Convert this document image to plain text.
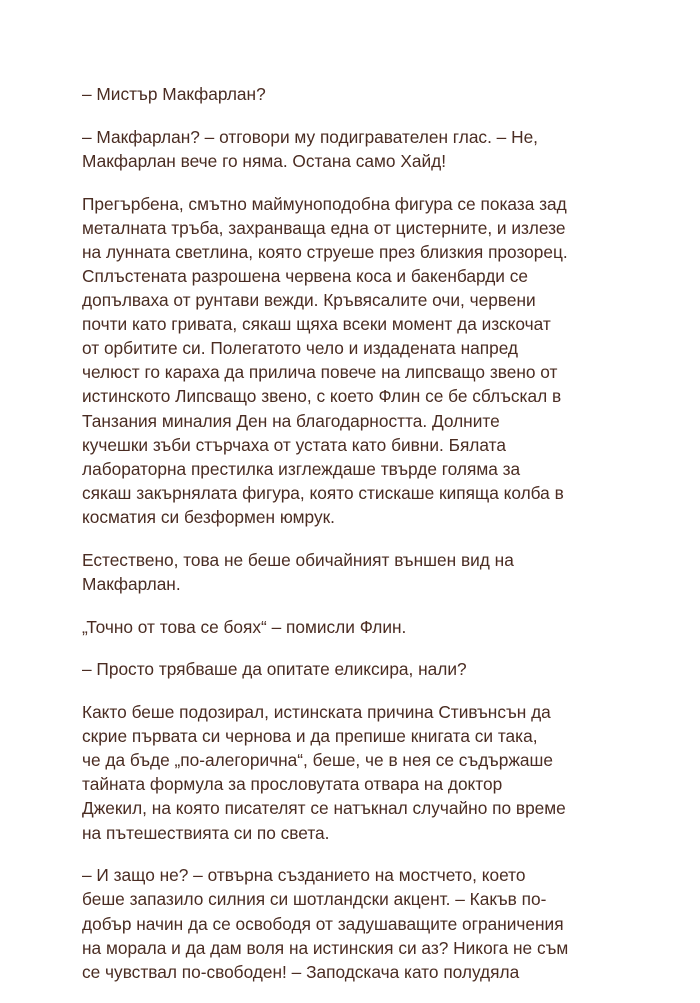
– Мистър Макфарлан?

– Макфарлан? – отговори му подигравателен глас. – Не,
Макфарлан вече го няма. Остана само Хайд!

Прегърбена, смътно маймуноподобна фигура се показа зад
металната тръба, захранваща една от цистерните, и излезе
на лунната светлина, която струеше през близкия прозорец.
Сплъстената разрошена червена коса и бакенбарди се
допълваха от рунтави вежди. Кръвясалите очи, червени
почти като гривата, сякаш щяха всеки момент да изскочат
от орбитите си. Полегатото чело и издадената напред
челюст го караха да прилича повече на липсващо звено от
истинското Липсващо звено, с което Флин се бе сблъскал в
Танзания миналия Ден на благодарността. Долните
кучешки зъби стърчаха от устата като бивни. Бялата
лабораторна престилка изглеждаше твърде голяма за
сякаш закърнялата фигура, която стискаше кипяща колба в
косматия си безформен юмрук.

Естествено, това не беше обичайният външен вид на
Макфарлан.

„Точно от това се боях“ – помисли Флин.

– Просто трябваше да опитате еликсира, нали?

Както беше подозирал, истинската причина Стивънсън да
скрие първата си чернова и да препише книгата си така,
че да бъде „по-алегорична“, беше, че в нея се съдържаше
тайната формула за прословутата отвара на доктор
Джекил, на която писателят се натъкнал случайно по време
на пътешествията си по света.

– И защо не? – отвърна създанието на мостчето, което
беше запазило силния си шотландски акцент. – Какъв по-
добър начин да се освободя от задушаващите ограничения
на морала и да дам воля на истинския си аз? Никога не съм
се чувствал по-свободен! – Заподскача като полудяла
